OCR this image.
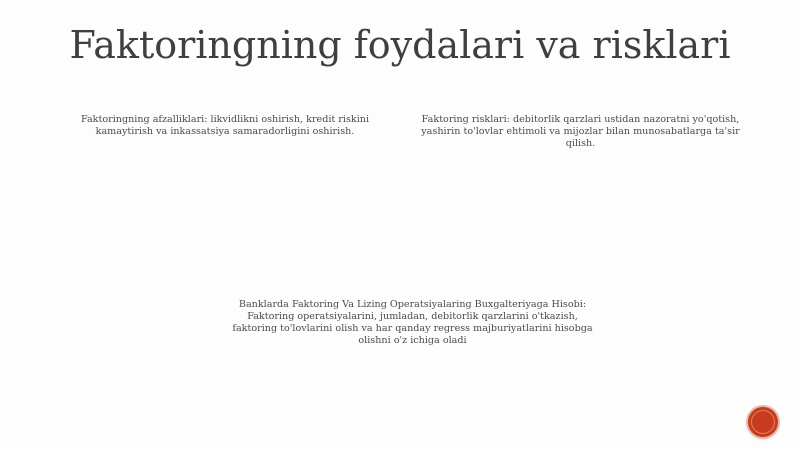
Faktoringning foydalari va risklari
Faktoringning afzalliklari: likvidlikni oshirish, kredit riskini kamaytirish va inkassatsiya samaradorligini oshirish.
Faktoring risklari: debitorlik qarzlari ustidan nazoratni yo'qotish, yashirin to'lovlar ehtimoli va mijozlar bilan munosabatlarga ta'sir qilish.
Banklarda Faktoring Va Lizing Operatsiyalaring Buxgalteriyaga Hisobi: Faktoring operatsiyalarini, jumladan, debitorlik qarzlarini o'tkazish, faktoring to'lovlarini olish va har qanday regress majburiyatlarini hisobga olishni o'z ichiga oladi
